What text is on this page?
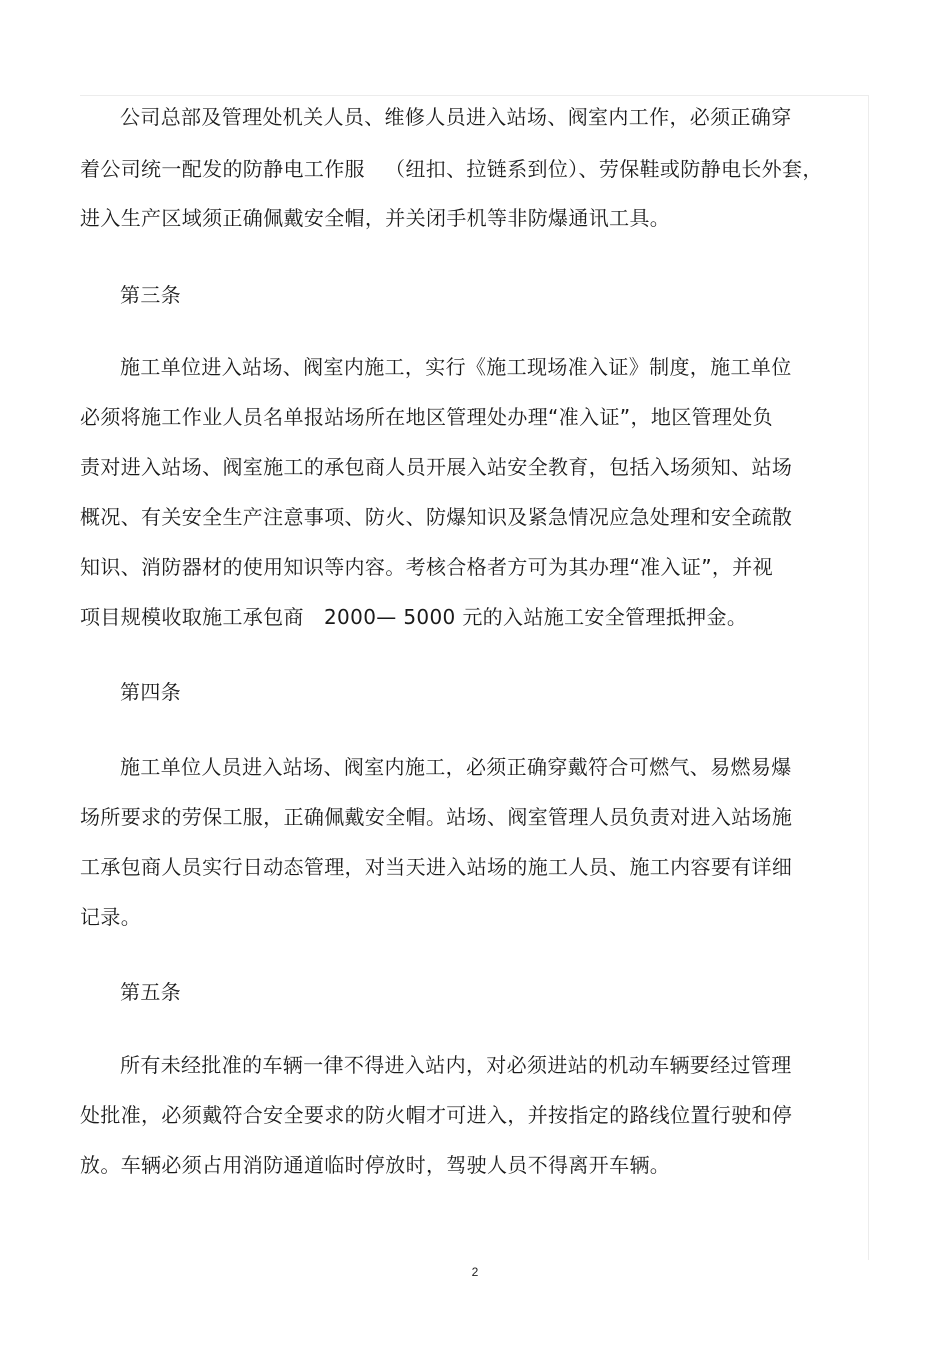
公司总部及管理处机关人员、维修人员进入站场、阀室内工作，必须正确穿
着公司统一配发的防静电工作服   （纽扣、拉链系到位）、劳保鞋或防静电长外套，
进入生产区域须正确佩戴安全帽，并关闭手机等非防爆通讯工具。
第三条
施工单位进入站场、阀室内施工，实行《施工现场准入证》制度，施工单位
必须将施工作业人员名单报站场所在地区管理处办理“准入证”，地区管理处负
责对进入站场、阀室施工的承包商人员开展入站安全教育，包括入场须知、站场
概况、有关安全生产注意事项、防火、防爆知识及紧急情况应急处理和安全疏散
知识、消防器材的使用知识等内容。考核合格者方可为其办理“准入证”，并视
项目规模收取施工承包商   2000— 5000 元的入站施工安全管理抵押金。
第四条
施工单位人员进入站场、阀室内施工，必须正确穿戴符合可燃气、易燃易爆
场所要求的劳保工服，正确佩戴安全帽。站场、阀室管理人员负责对进入站场施
工承包商人员实行日动态管理，对当天进入站场的施工人员、施工内容要有详细
记录。
第五条
所有未经批准的车辆一律不得进入站内，对必须进站的机动车辆要经过管理
处批准，必须戴符合安全要求的防火帽才可进入，并按指定的路线位置行驶和停
放。车辆必须占用消防通道临时停放时，驾驶人员不得离开车辆。
2
